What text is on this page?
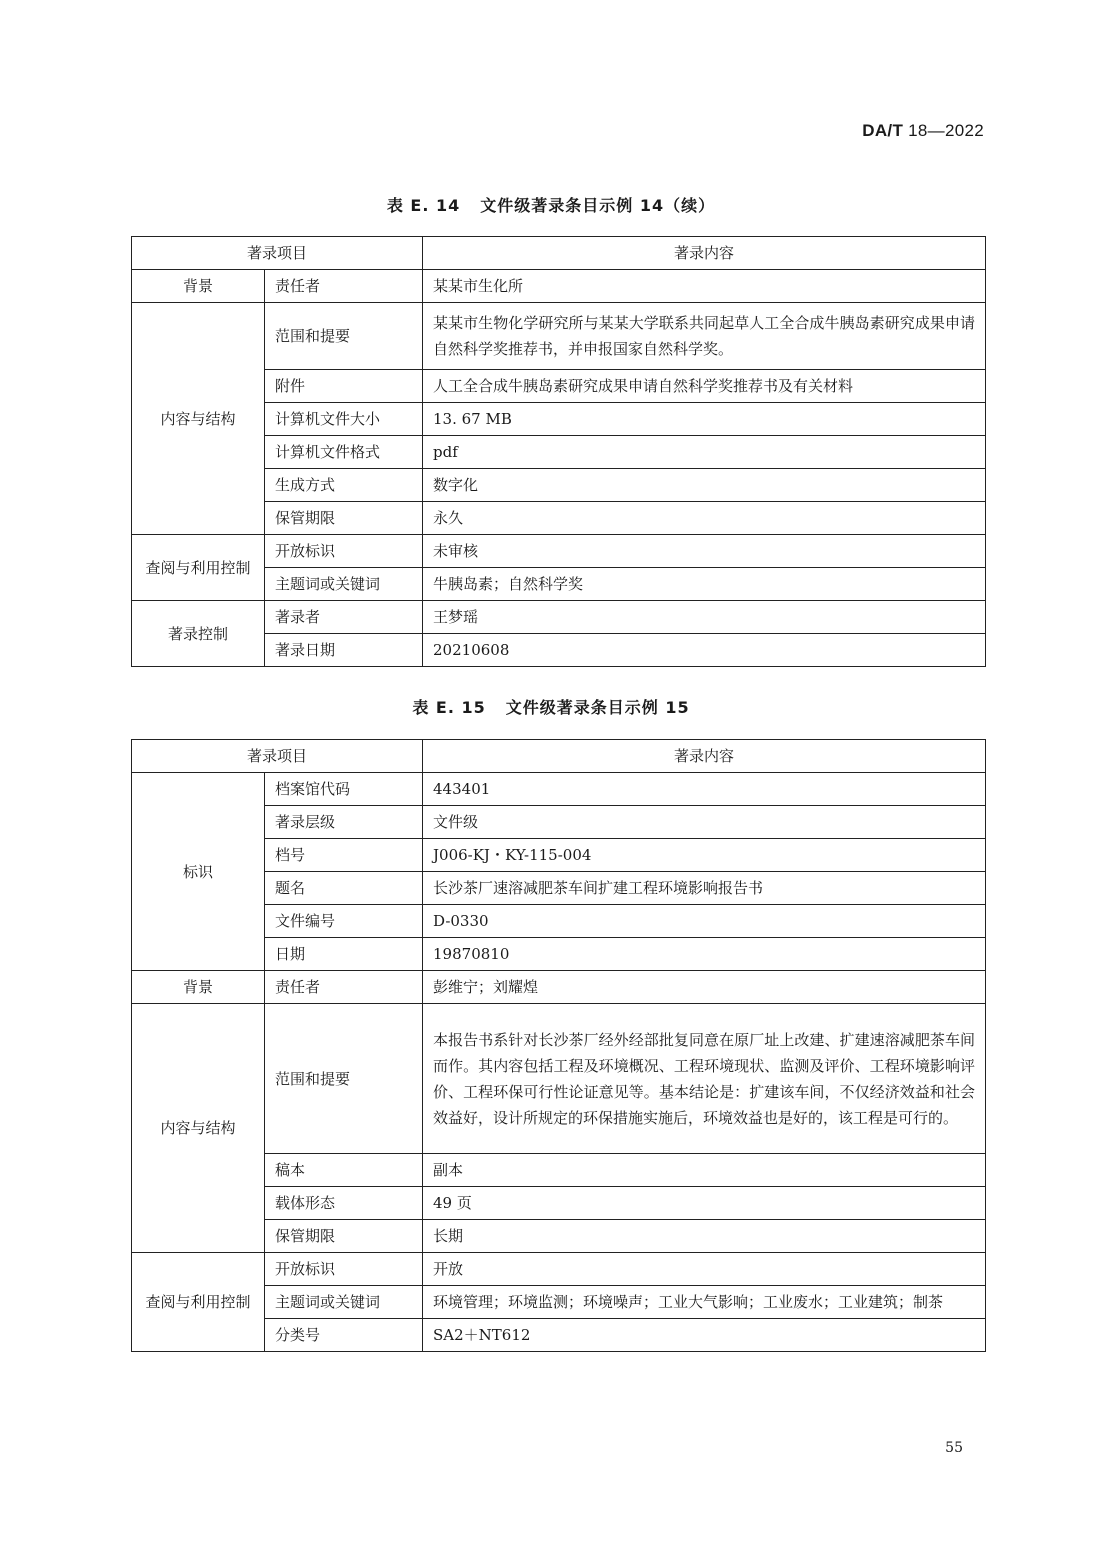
DA/T 18—2022
表 E. 14 文件级著录条目示例 14（续）
著录项目		著录内容
背景	责任者	某某市生化所
内容与结构	范围和提要	某某市生物化学研究所与某某大学联系共同起草人工全合成牛胰岛素研究成果申请自然科学奖推荐书，并申报国家自然科学奖。
	附件	人工全合成牛胰岛素研究成果申请自然科学奖推荐书及有关材料
	计算机文件大小	13. 67 MB
	计算机文件格式	pdf
	生成方式	数字化
	保管期限	永久
查阅与利用控制	开放标识	未审核
	主题词或关键词	牛胰岛素；自然科学奖
著录控制	著录者	王梦瑶
	著录日期	20210608
表 E. 15 文件级著录条目示例 15
著录项目		著录内容
标识	档案馆代码	443401
	著录层级	文件级
	档号	J006-KJ・KY-115-004
	题名	长沙茶厂速溶减肥茶车间扩建工程环境影响报告书
	文件编号	D-0330
	日期	19870810
背景	责任者	彭维宁；刘耀煌
内容与结构	范围和提要	本报告书系针对长沙茶厂经外经部批复同意在原厂址上改建、扩建速溶减肥茶车间而作。其内容包括工程及环境概况、工程环境现状、监测及评价、工程环境影响评价、工程环保可行性论证意见等。基本结论是：扩建该车间，不仅经济效益和社会效益好，设计所规定的环保措施实施后，环境效益也是好的，该工程是可行的。
	稿本	副本
	载体形态	49 页
	保管期限	长期
查阅与利用控制	开放标识	开放
	主题词或关键词	环境管理；环境监测；环境噪声；工业大气影响；工业废水；工业建筑；制茶
	分类号	SA2＋NT612
55
